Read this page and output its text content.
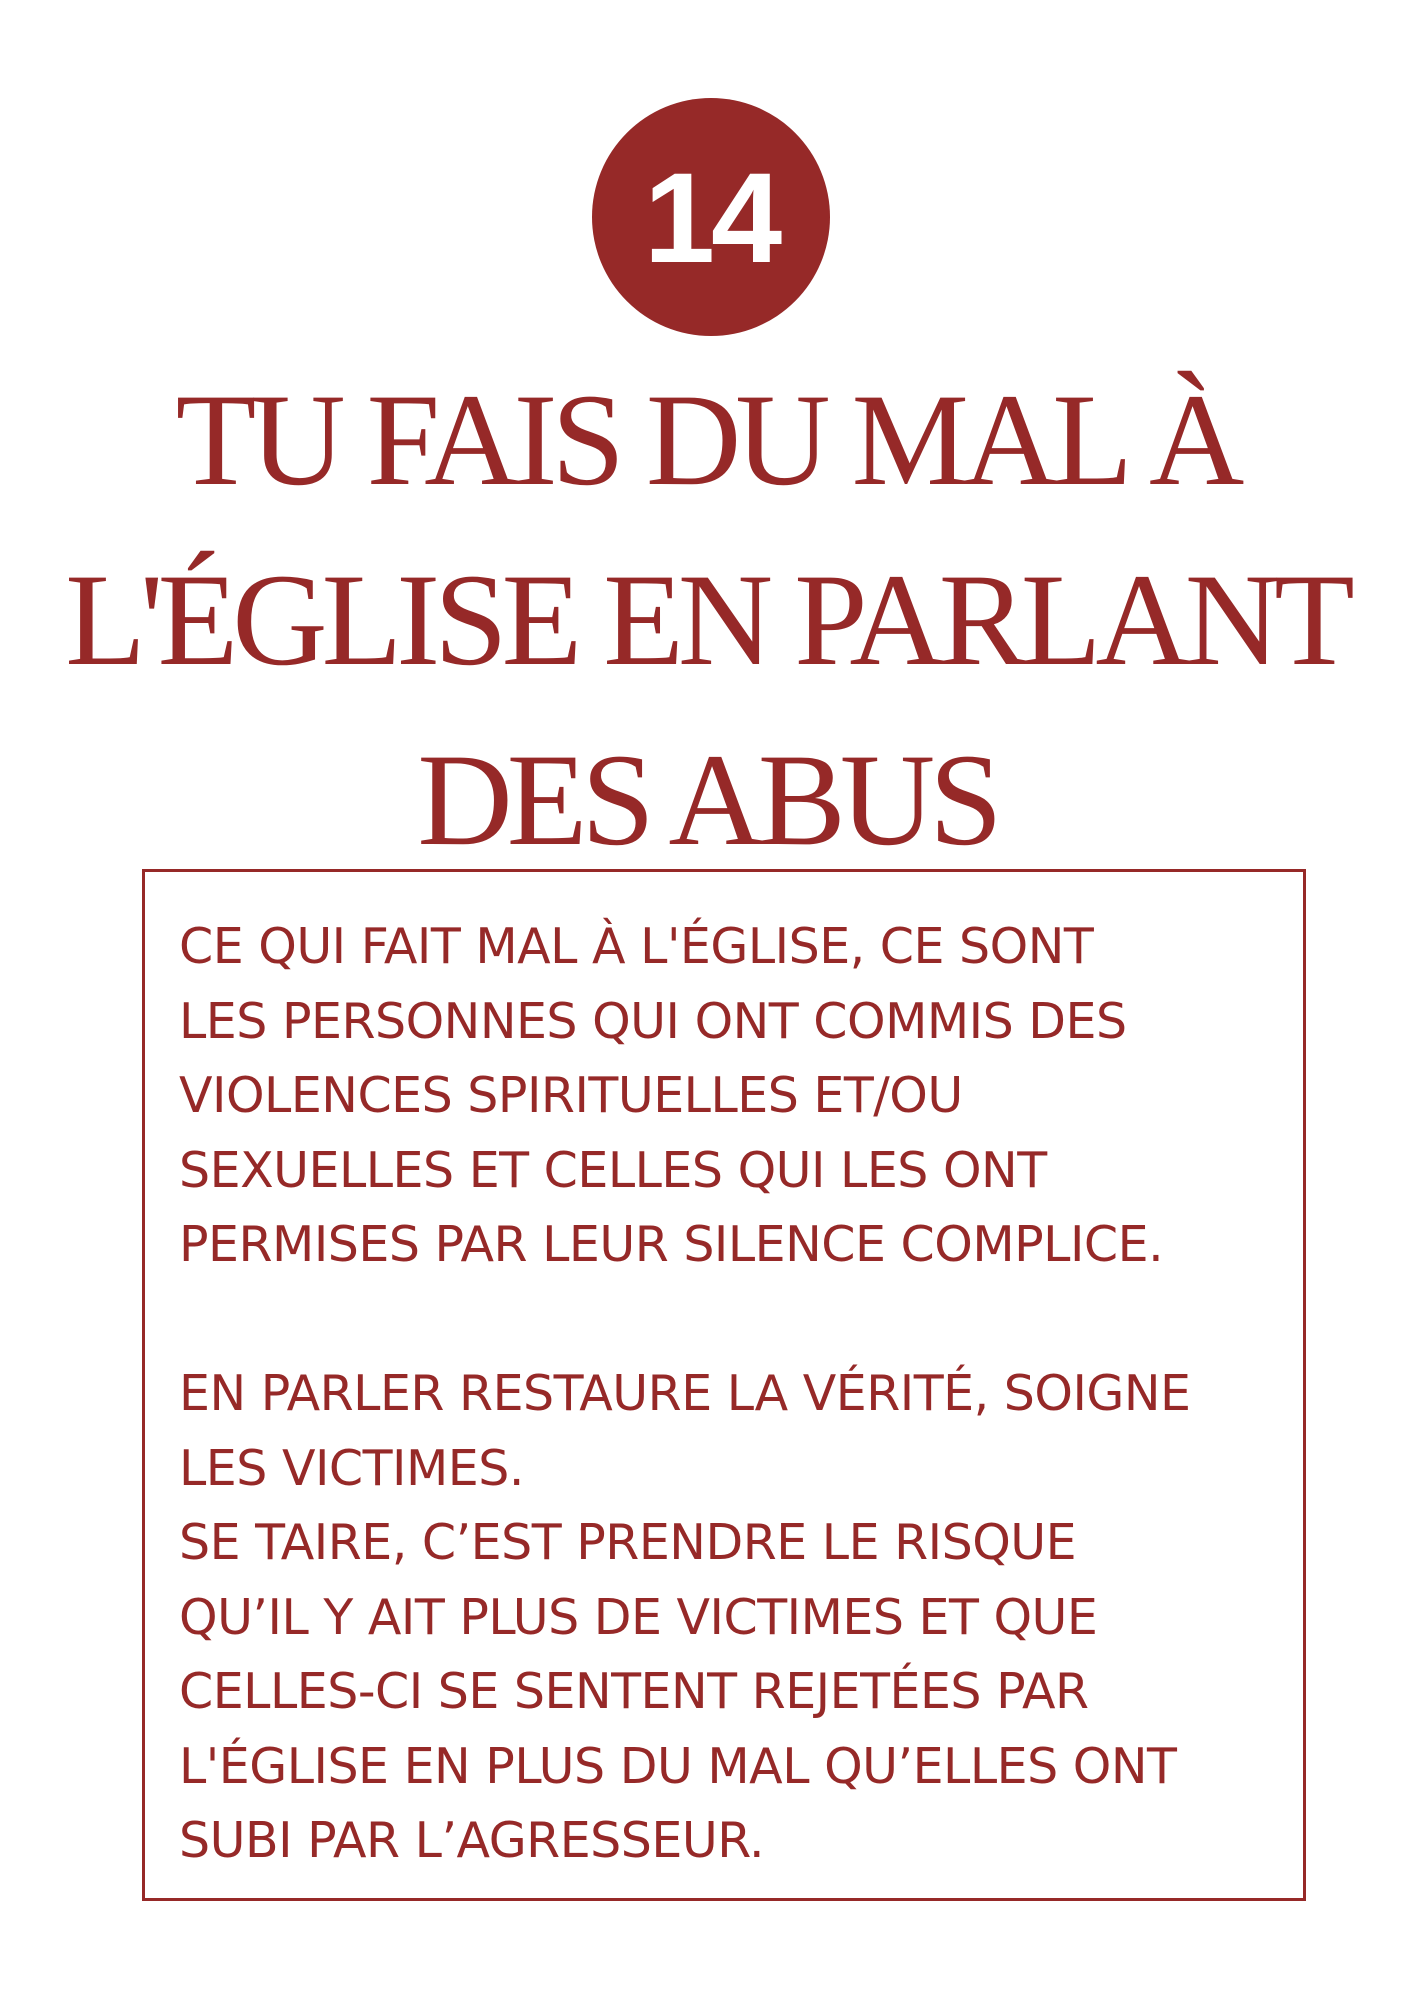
14
TU FAIS DU MAL À
L'ÉGLISE EN PARLANT
DES ABUS
CE QUI FAIT MAL À L'ÉGLISE, CE SONT
LES PERSONNES QUI ONT COMMIS DES
VIOLENCES SPIRITUELLES ET/OU
SEXUELLES ET CELLES QUI LES ONT
PERMISES PAR LEUR SILENCE COMPLICE.
EN PARLER RESTAURE LA VÉRITÉ, SOIGNE
LES VICTIMES.
SE TAIRE, C’EST PRENDRE LE RISQUE
QU’IL Y AIT PLUS DE VICTIMES ET QUE
CELLES-CI SE SENTENT REJETÉES PAR
L'ÉGLISE EN PLUS DU MAL QU’ELLES ONT
SUBI PAR L’AGRESSEUR.
